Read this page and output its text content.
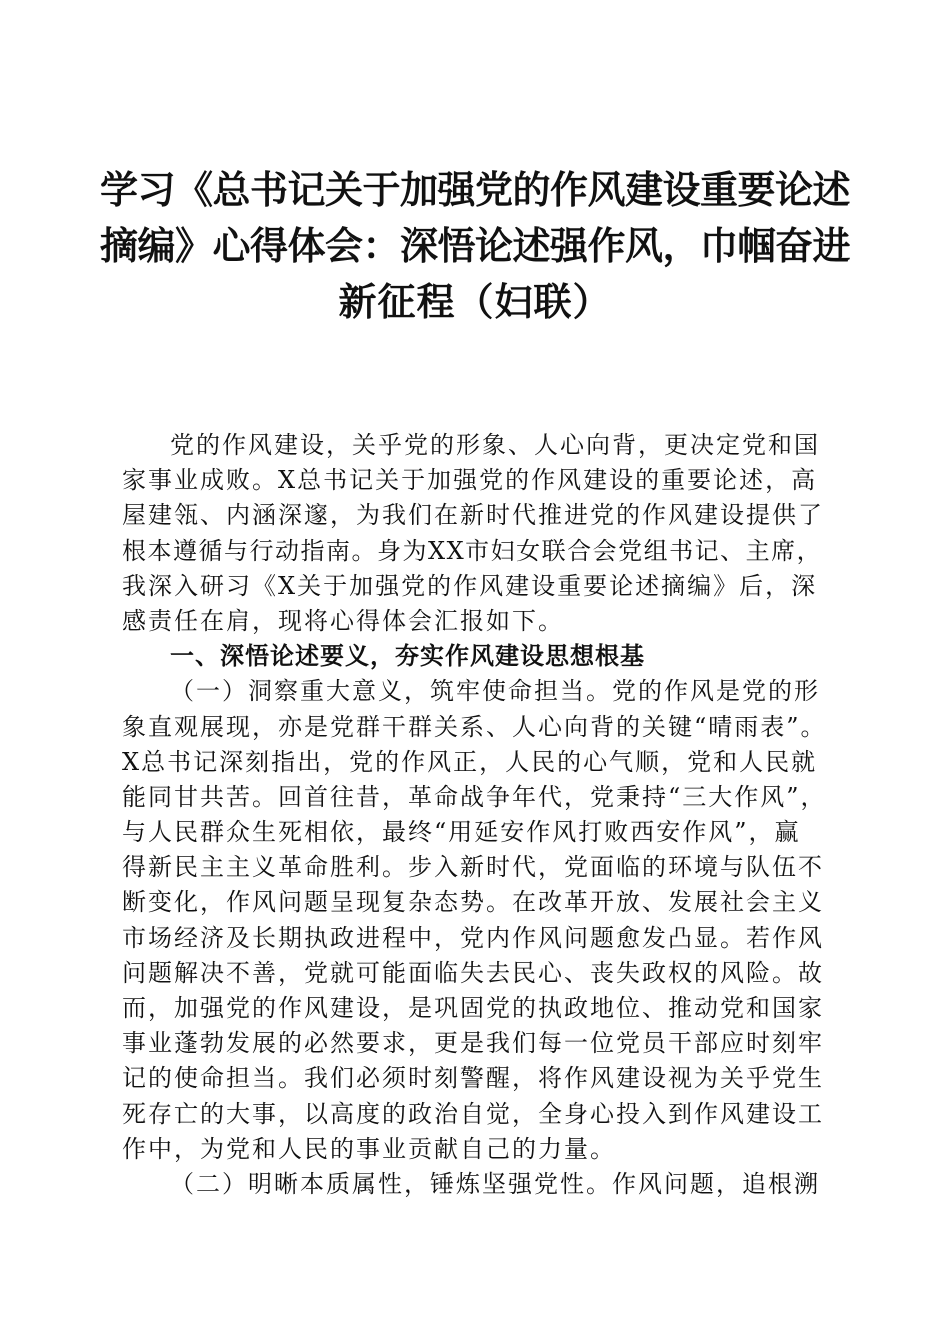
学习《总书记关于加强党的作风建设重要论述
摘编》心得体会：深悟论述强作风，巾帼奋进
新征程（妇联）
党的作风建设，关乎党的形象、人心向背，更决定党和国
家事业成败。X总书记关于加强党的作风建设的重要论述，高
屋建瓴、内涵深邃，为我们在新时代推进党的作风建设提供了
根本遵循与行动指南。身为XX市妇女联合会党组书记、主席，
我深入研习《X关于加强党的作风建设重要论述摘编》后，深
感责任在肩，现将心得体会汇报如下。
一、深悟论述要义，夯实作风建设思想根基
（一）洞察重大意义，筑牢使命担当。党的作风是党的形
象直观展现，亦是党群干群关系、人心向背的关键“晴雨表”。
X总书记深刻指出，党的作风正，人民的心气顺，党和人民就
能同甘共苦。回首往昔，革命战争年代，党秉持“三大作风”，
与人民群众生死相依，最终“用延安作风打败西安作风”，赢
得新民主主义革命胜利。步入新时代，党面临的环境与队伍不
断变化，作风问题呈现复杂态势。在改革开放、发展社会主义
市场经济及长期执政进程中，党内作风问题愈发凸显。若作风
问题解决不善，党就可能面临失去民心、丧失政权的风险。故
而，加强党的作风建设，是巩固党的执政地位、推动党和国家
事业蓬勃发展的必然要求，更是我们每一位党员干部应时刻牢
记的使命担当。我们必须时刻警醒，将作风建设视为关乎党生
死存亡的大事，以高度的政治自觉，全身心投入到作风建设工
作中，为党和人民的事业贡献自己的力量。
（二）明晰本质属性，锤炼坚强党性。作风问题，追根溯
